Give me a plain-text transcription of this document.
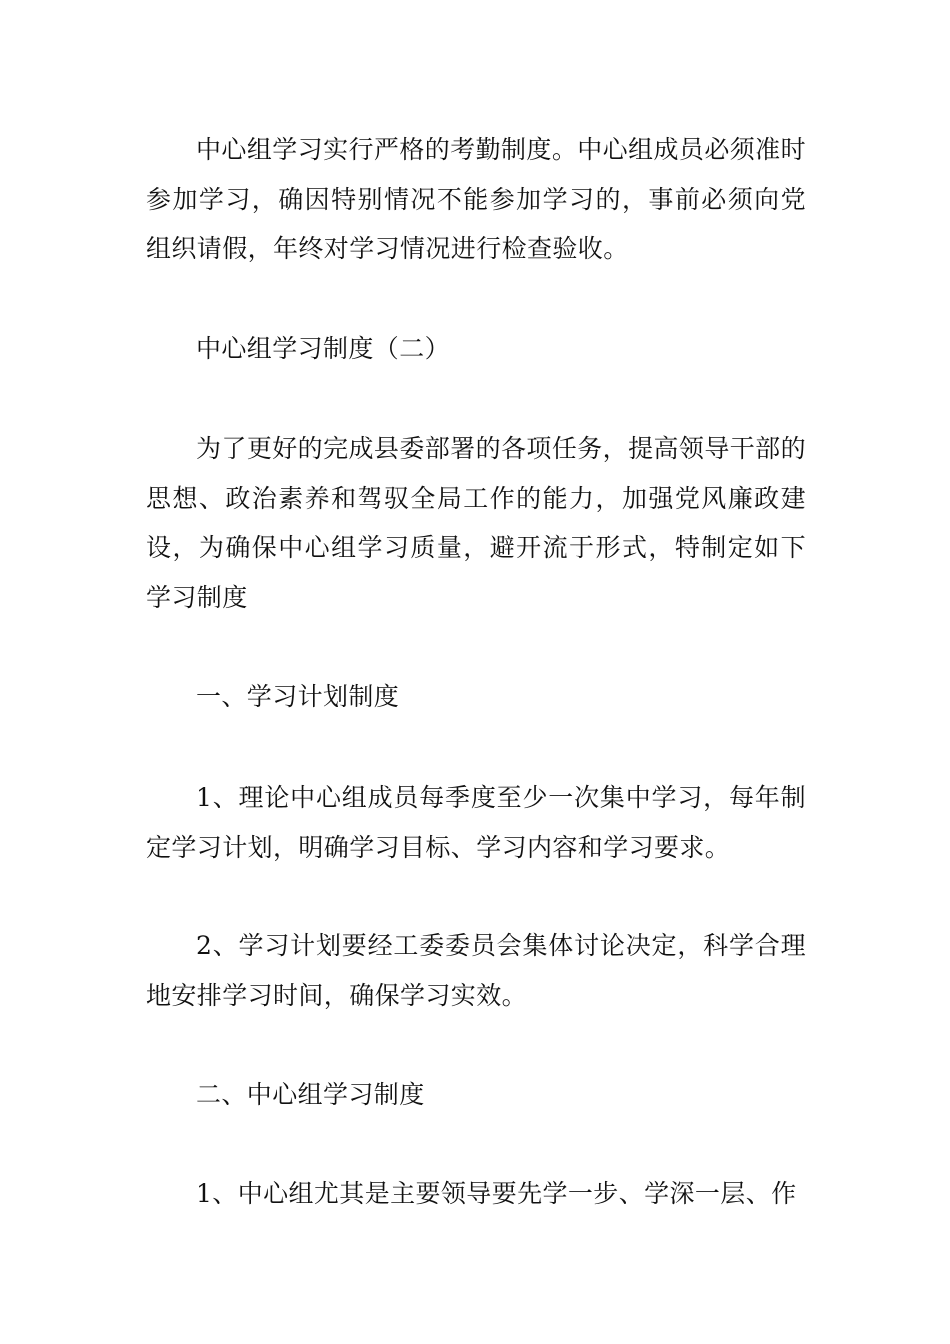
中心组学习实行严格的考勤制度。中心组成员必须准时参加学习，确因特别情况不能参加学习的，事前必须向党组织请假，年终对学习情况进行检查验收。

中心组学习制度（二）

为了更好的完成县委部署的各项任务，提高领导干部的思想、政治素养和驾驭全局工作的能力，加强党风廉政建设，为确保中心组学习质量，避开流于形式，特制定如下学习制度

一、学习计划制度

1、理论中心组成员每季度至少一次集中学习，每年制定学习计划，明确学习目标、学习内容和学习要求。

2、学习计划要经工委委员会集体讨论决定，科学合理地安排学习时间，确保学习实效。

二、中心组学习制度

1、中心组尤其是主要领导要先学一步、学深一层、作
